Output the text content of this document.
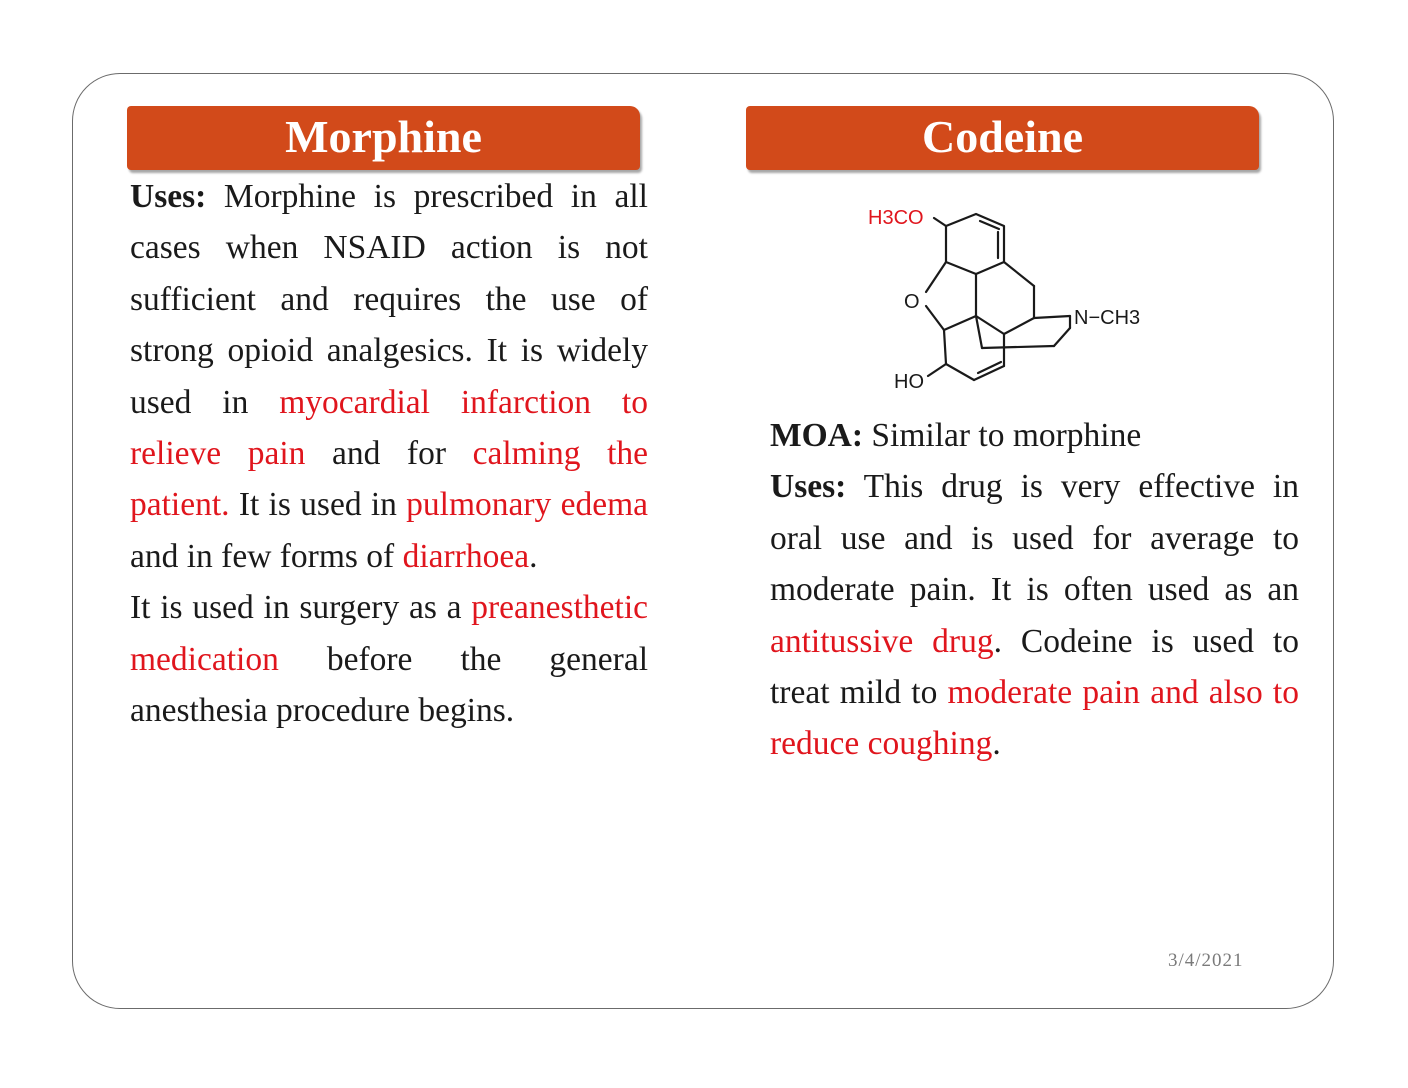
Morphine	Codeine

Uses: Morphine is prescribed in all cases when NSAID action is not sufficient and requires the use of strong opioid analgesics. It is widely used in myocardial infarction to relieve pain and for calming the patient. It is used in pulmonary edema and in few forms of diarrhoea.

It is used in surgery as a preanesthetic medication before the general anesthesia procedure begins.

H3CO
O
N−CH3
HO

MOA: Similar to morphine

Uses: This drug is very effective in oral use and is used for average to moderate pain. It is often used as an antitussive drug. Codeine is used to treat mild to moderate pain and also to reduce coughing.

3/4/2021
